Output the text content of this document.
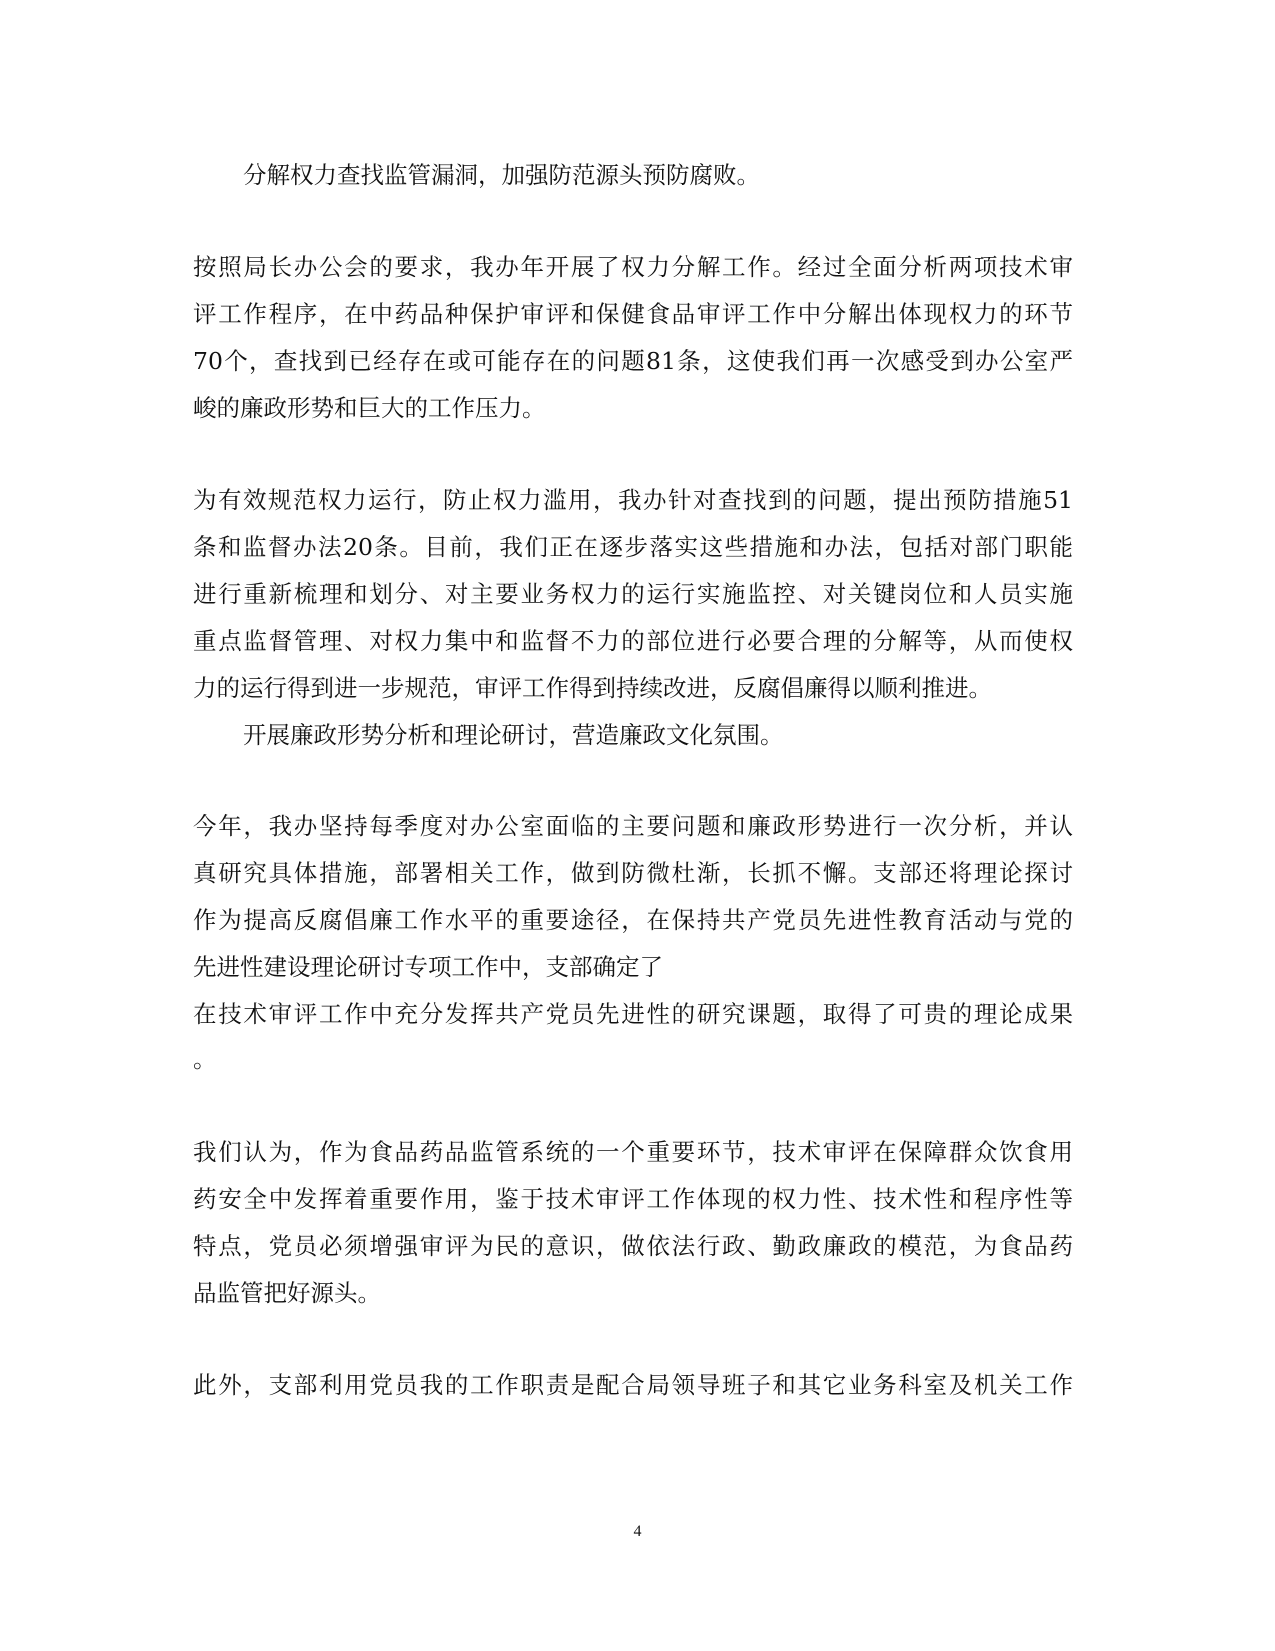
分解权力查找监管漏洞，加强防范源头预防腐败。
按照局长办公会的要求，我办年开展了权力分解工作。经过全面分析两项技术审
评工作程序，在中药品种保护审评和保健食品审评工作中分解出体现权力的环节
70个，查找到已经存在或可能存在的问题81条，这使我们再一次感受到办公室严
峻的廉政形势和巨大的工作压力。
为有效规范权力运行，防止权力滥用，我办针对查找到的问题，提出预防措施51
条和监督办法20条。目前，我们正在逐步落实这些措施和办法，包括对部门职能
进行重新梳理和划分、对主要业务权力的运行实施监控、对关键岗位和人员实施
重点监督管理、对权力集中和监督不力的部位进行必要合理的分解等，从而使权
力的运行得到进一步规范，审评工作得到持续改进，反腐倡廉得以顺利推进。
开展廉政形势分析和理论研讨，营造廉政文化氛围。
今年，我办坚持每季度对办公室面临的主要问题和廉政形势进行一次分析，并认
真研究具体措施，部署相关工作，做到防微杜渐，长抓不懈。支部还将理论探讨
作为提高反腐倡廉工作水平的重要途径，在保持共产党员先进性教育活动与党的
先进性建设理论研讨专项工作中，支部确定了
在技术审评工作中充分发挥共产党员先进性的研究课题，取得了可贵的理论成果
。
我们认为，作为食品药品监管系统的一个重要环节，技术审评在保障群众饮食用
药安全中发挥着重要作用，鉴于技术审评工作体现的权力性、技术性和程序性等
特点，党员必须增强审评为民的意识，做依法行政、勤政廉政的模范，为食品药
品监管把好源头。
此外，支部利用党员我的工作职责是配合局领导班子和其它业务科室及机关工作
4
